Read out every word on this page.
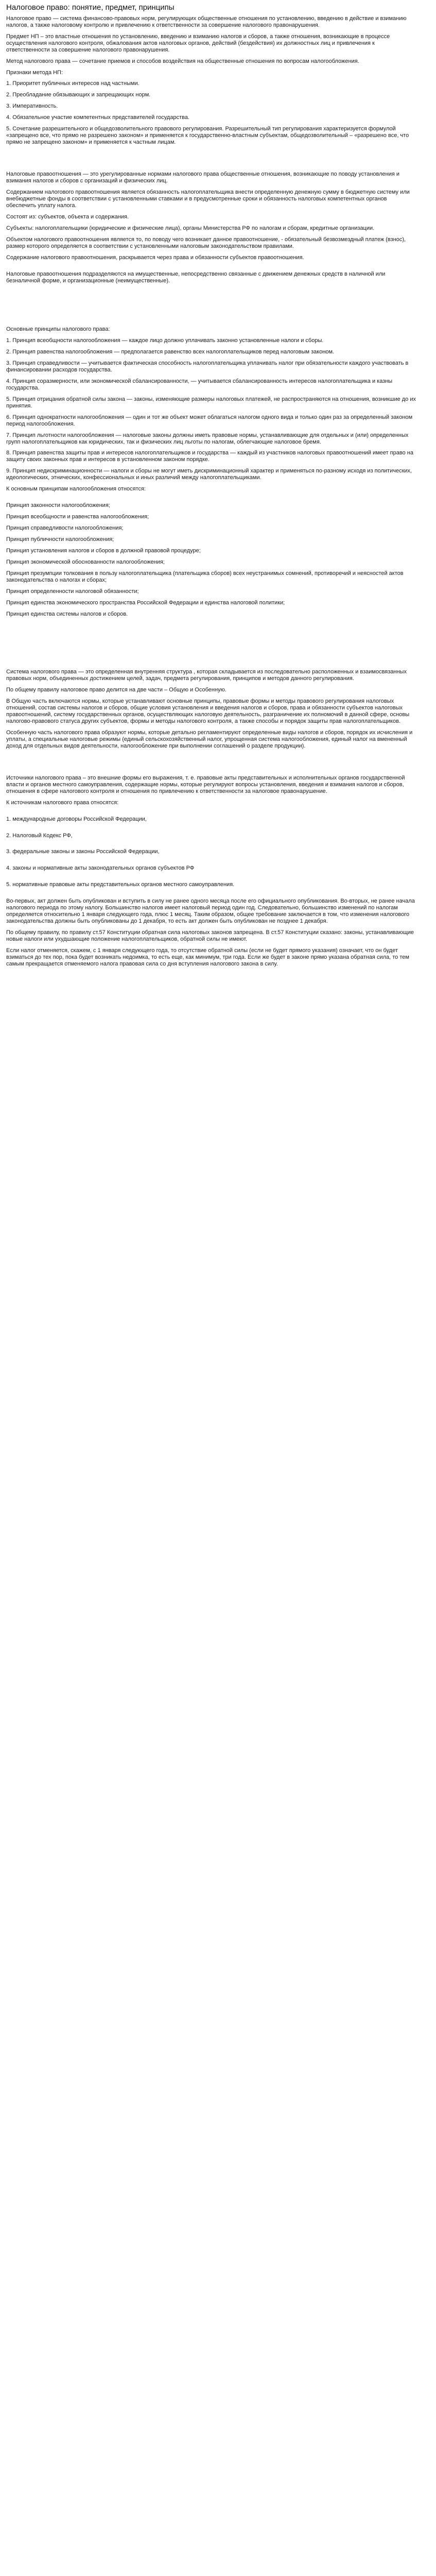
Налоговое право: понятие, предмет, принципы

Налоговое право — система финансово-правовых норм, регулирующих общественные отношения по установлению, введению в действие и взиманию налогов, а также налоговому контролю и привлечению к ответственности за совершение налогового правонарушения.

Предмет НП – это властные отношения по установлению, введению и взиманию налогов и сборов, а также отношения, возникающие в процессе осуществления налогового контроля, обжалования актов налоговых органов, действий (бездействия) их должностных лиц и привлечения к ответственности за совершение налогового правонарушения.

Метод налогового права — сочетание приемов и способов воздействия на общественные отношения по вопросам налогообложения.

Признаки метода НП:

1. Приоритет публичных интересов над частными.

2. Преобладание обязывающих и запрещающих норм.

3. Императивность.

4. Обязательное участие компетентных представителей государства.

5. Сочетание разрешительного и общедозволительного правового регулирования. Разрешительный тип регулирования характеризуется формулой «запрещено все, что прямо не разрешено законом» и применяется к государственно-властным субъектам, общедозволительный – «разрешено все, что прямо не запрещено законом» и применяется к частным лицам.

Налоговые правоотношения — это урегулированные нормами налогового права общественные отношения, возникающие по поводу установления и взимания налогов и сборов с организаций и физических лиц.

Содержанием налогового правоотношения является обязанность налогоплательщика внести определенную денежную сумму в бюджетную систему или внебюджетные фонды в соответствии с установленными ставками и в предусмотренные сроки и обязанность налоговых компетентных органов обеспечить уплату налога.

Состоят из: субъектов, объекта и содержания.

Субъекты: налогоплательщики (юридические и физические лица), органы Министерства РФ по налогам и сборам, кредитные организации.

Объектом налогового правоотношения является то, по поводу чего возникает данное правоотношение, - обязательный безвозмездный платеж (взнос), размер которого определяется в соответствии с установленными налоговым законодательством правилами.

Содержание налогового правоотношения, раскрывается через права и обязанности субъектов правоотношения.

Налоговые правоотношения подразделяются на имущественные, непосредственно связанные с движением денежных средств в наличной или безналичной форме, и организационные (неимущественные).

Основные принципы налогового права:

1. Принцип всеобщности налогообложения — каждое лицо должно уплачивать законно установленные налоги и сборы.

2. Принцип равенства налогообложения — предполагается равенство всех налогоплательщиков перед налоговым законом.

3. Принцип справедливости — учитывается фактическая способность налогоплательщика уплачивать налог при обязательности каждого участвовать в финансировании расходов государства.

4. Принцип соразмерности, или экономической сбалансированности, — учитывается сбалансированность интересов налогоплательщика и казны государства.

5. Принцип отрицания обратной силы закона — законы, изменяющие размеры налоговых платежей, не распространяются на отношения, возникшие до их принятия.

6. Принцип однократности налогообложения — один и тот же объект может облагаться налогом одного вида и только один раз за определенный законом период налогообложения.

7. Принцип льготности налогообложения — налоговые законы должны иметь правовые нормы, устанавливающие для отдельных и (или) определенных групп налогоплательщиков как юридических, так и физических лиц льготы по налогам, облегчающие налоговое бремя.

8. Принцип равенства защиты прав и интересов налогоплательщиков и государства — каждый из участников налоговых правоотношений имеет право на защиту своих законных прав и интересов в установленном законом порядке.

9. Принцип недискриминационности — налоги и сборы не могут иметь дискриминационный характер и применяться по-разному исходя из политических, идеологических, этнических, конфессиональных и иных различий между налогоплательщиками.

К основным принципам налогообложения относятся:

Принцип законности налогообложения;

Принцип всеобщности и равенства налогообложения;

Принцип справедливости налогообложения;

Принцип публичности налогообложения;

Принцип установления налогов и сборов в должной правовой процедуре;

Принцип экономической обоснованности налогообложения;

Принцип презумпции толкования в пользу налогоплательщика (плательщика сборов) всех неустранимых сомнений, противоречий и неясностей актов законодательства о налогах и сборах;

Принцип определенности налоговой обязанности;

Принцип единства экономического пространства Российской Федерации и единства налоговой политики;

Принцип единства системы налогов и сборов.

Система налогового права — это определенная внутренняя структура , которая складывается из последовательно расположенных и взаимосвязанных правовых норм, объединенных достижением целей, задач, предмета регулирования, принципов и методов данного регулирования.

По общему правилу налоговое право делится на две части – Общую и Особенную.

В Общую часть включаются нормы, которые устанавливают основные принципы, правовые формы и методы правового регулирования налоговых отношений, состав системы налогов и сборов, общие условия установления и введения налогов и сборов, права и обязанности субъектов налоговых правоотношений, систему государственных органов, осуществляющих налоговую деятельность, разграничение их полномочий в данной сфере, основы налогово-правового статуса других субъектов, формы и методы налогового контроля, а также способы и порядок защиты прав налогоплательщиков.

Особенную часть налогового права образуют нормы, которые детально регламентируют определенные виды налогов и сборов, порядок их исчисления и уплаты, а специальные налоговые режимы (единый сельскохозяйственный налог, упрощенная система налогообложения, единый налог на вмененный доход для отдельных видов деятельности, налогообложение при выполнении соглашений о разделе продукции).

Источники налогового права – это внешние формы его выражения, т. е. правовые акты представительных и исполнительных органов государственной власти и органов местного самоуправления, содержащие нормы, которые регулируют вопросы установления, введения и взимания налогов и сборов, отношения в сфере налогового контроля и отношения по привлечению к ответственности за налоговое правонарушение.

К источникам налогового права относятся:

1. международные договоры Российской Федерации,

2. Налоговый Кодекс РФ,

3. федеральные законы и законы Российской Федерации,

4. законы и нормативные акты законодательных органов субъектов РФ

5. нормативные правовые акты представительных органов местного самоуправления.

Во-первых, акт должен быть опубликован и вступить в силу не ранее одного месяца после его официального опубликования. Во-вторых, не ранее начала налогового периода по этому налогу. Большинство налогов имеет налоговый период один год. Следовательно, большинство изменений по налогам определяется относительно 1 января следующего года, плюс 1 месяц. Таким образом, общее требование заключается в том, что изменения налогового законодательства должны быть опубликованы до 1 декабря, то есть акт должен быть опубликован не позднее 1 декабря.

По общему правилу, по правилу ст.57 Конституции обратная сила налоговых законов запрещена. В ст.57 Конституции сказано: законы, устанавливающие новые налоги или ухудшающие положение налогоплательщиков, обратной силы не имеют.

Если налог отменяется, скажем, с 1 января следующего года, то отсутствие обратной силы (если не будет прямого указания) означает, что он будет взиматься до тех пор, пока будет возникать недоимка, то есть еще, как минимум, три года. Если же будет в законе прямо указана обратная сила, то тем самым прекращается отменяемого налога правовая сила со дня вступления налогового закона в силу.
